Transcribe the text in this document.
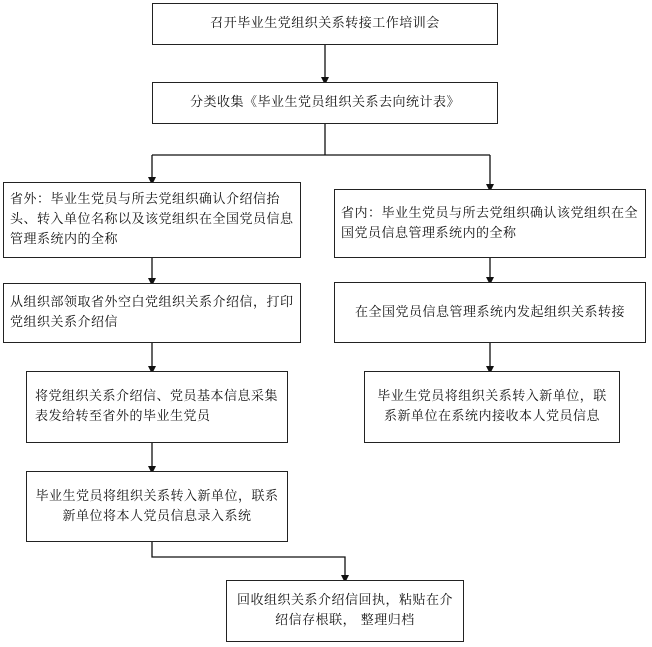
召开毕业生党组织关系转接工作培训会
分类收集《毕业生党员组织关系去向统计表》
省外：毕业生党员与所去党组织确认介绍信抬头、转入单位名称以及该党组织在全国党员信息管理系统内的全称
省内：毕业生党员与所去党组织确认该党组织在全国党员信息管理系统内的全称
从组织部领取省外空白党组织关系介绍信，打印党组织关系介绍信
在全国党员信息管理系统内发起组织关系转接
将党组织关系介绍信、党员基本信息采集表发给转至省外的毕业生党员
毕业生党员将组织关系转入新单位，联系新单位在系统内接收本人党员信息
毕业生党员将组织关系转入新单位，联系新单位将本人党员信息录入系统
回收组织关系介绍信回执，粘贴在介绍信存根联， 整理归档
